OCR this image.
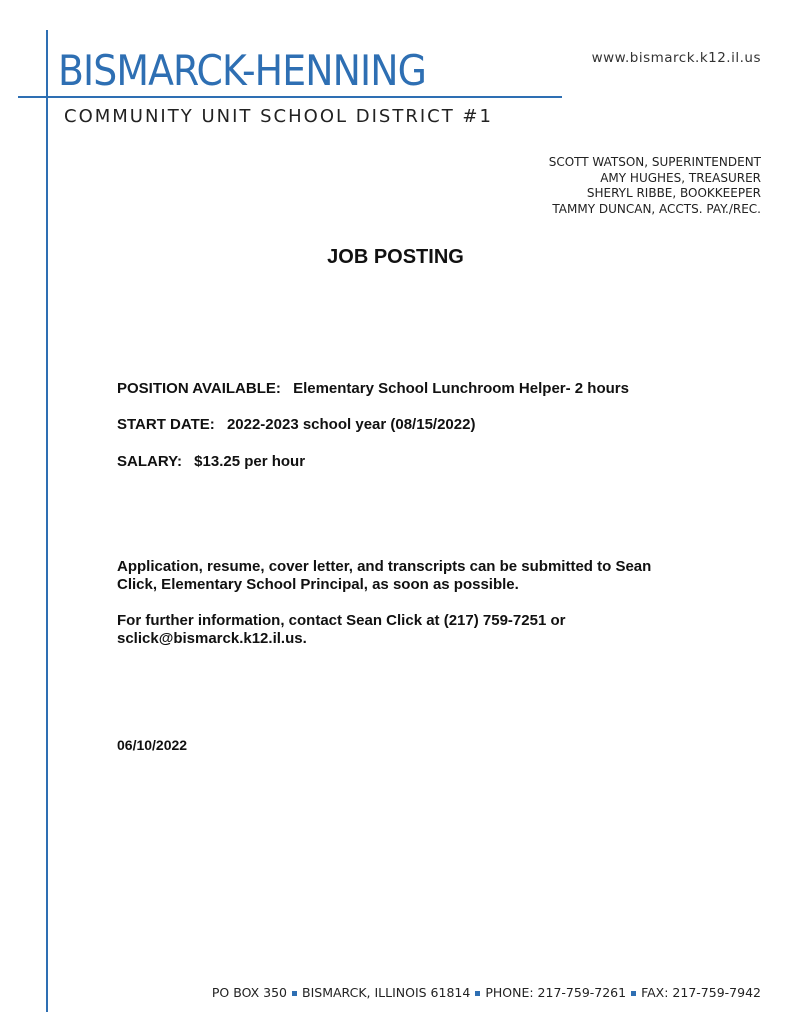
BISMARCK-HENNING
COMMUNITY UNIT SCHOOL DISTRICT #1
www.bismarck.k12.il.us
SCOTT WATSON, SUPERINTENDENT
AMY HUGHES, TREASURER
SHERYL RIBBE, BOOKKEEPER
TAMMY DUNCAN, ACCTS. PAY./REC.
JOB POSTING
POSITION AVAILABLE: Elementary School Lunchroom Helper- 2 hours
START DATE: 2022-2023 school year (08/15/2022)
SALARY: $13.25 per hour
Application, resume, cover letter, and transcripts can be submitted to Sean Click, Elementary School Principal, as soon as possible.
For further information, contact Sean Click at (217) 759-7251 or sclick@bismarck.k12.il.us.
06/10/2022
PO BOX 350 BISMARCK, ILLINOIS 61814 PHONE: 217-759-7261 FAX: 217-759-7942
